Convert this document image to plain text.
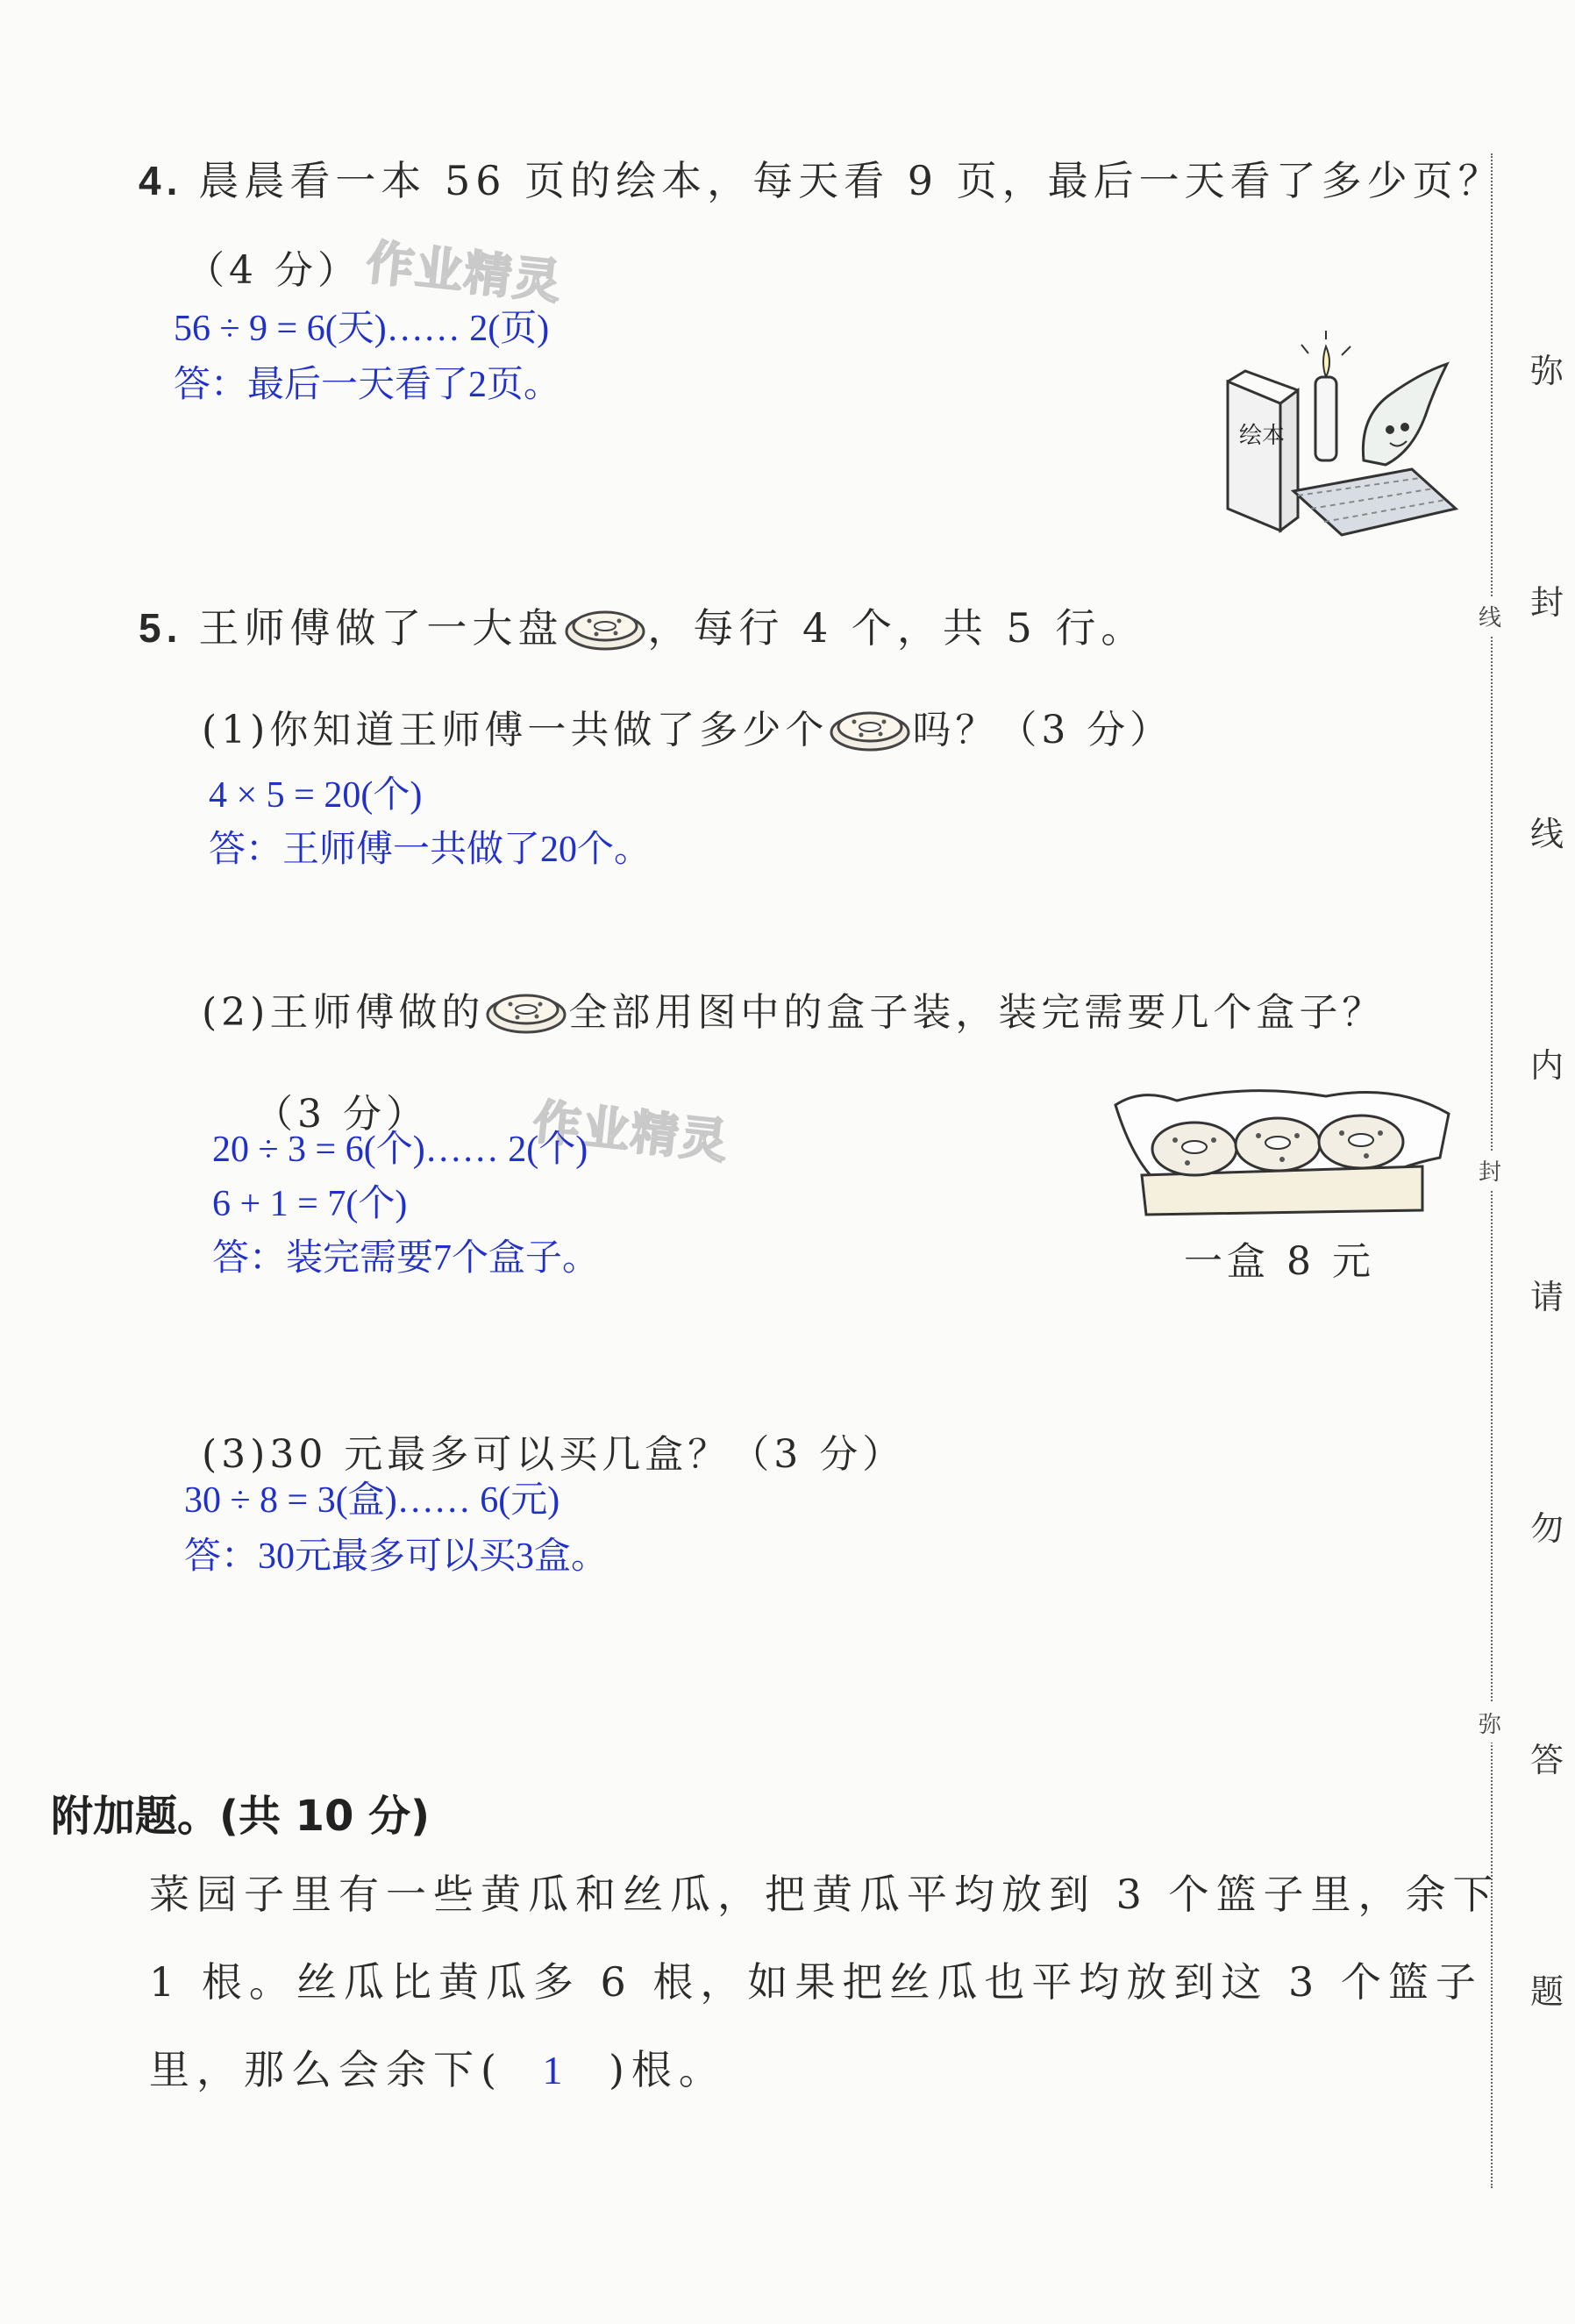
4. 晨晨看一本 56 页的绘本，每天看 9 页，最后一天看了多少页？
（4 分） 作业精灵
56 ÷ 9 = 6(天)…… 2(页)
答：最后一天看了2页。
绘本
5. 王师傅做了一大盘 ，每行 4 个，共 5 行。
(1)你知道王师傅一共做了多少个 吗？（3 分）
4 × 5 = 20(个)
答：王师傅一共做了20个。
(2)王师傅做的 全部用图中的盒子装，装完需要几个盒子？
（3 分） 作业精灵
20 ÷ 3 = 6(个)…… 2(个)
6 + 1 = 7(个)
答：装完需要7个盒子。	一盒 8 元
(3)30 元最多可以买几盒？（3 分）
30 ÷ 8 = 3(盒)…… 6(元)
答：30元最多可以买3盒。
附加题。(共 10 分)
菜园子里有一些黄瓜和丝瓜，把黄瓜平均放到 3 个篮子里，余下
1 根。丝瓜比黄瓜多 6 根，如果把丝瓜也平均放到这 3 个篮子
里，那么会余下( 1 )根。
线
封
弥
弥
封
线
内
请
勿
答
题
